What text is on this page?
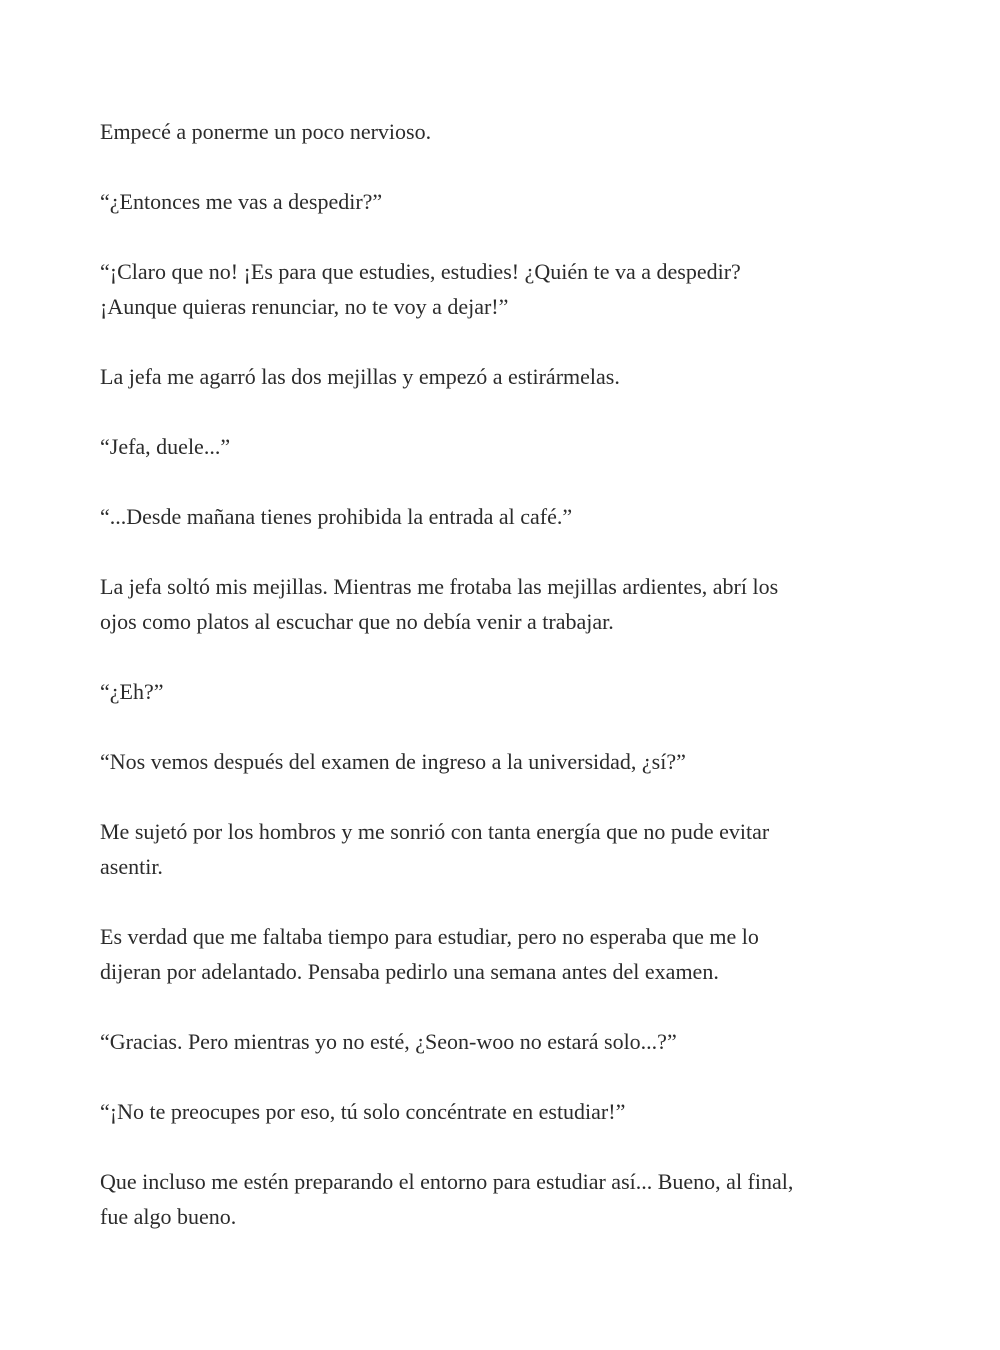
Empecé a ponerme un poco nervioso.

“¿Entonces me vas a despedir?”

“¡Claro que no! ¡Es para que estudies, estudies! ¿Quién te va a despedir?
¡Aunque quieras renunciar, no te voy a dejar!”

La jefa me agarró las dos mejillas y empezó a estirármelas.

“Jefa, duele...”

“...Desde mañana tienes prohibida la entrada al café.”

La jefa soltó mis mejillas. Mientras me frotaba las mejillas ardientes, abrí los
ojos como platos al escuchar que no debía venir a trabajar.

“¿Eh?”

“Nos vemos después del examen de ingreso a la universidad, ¿sí?”

Me sujetó por los hombros y me sonrió con tanta energía que no pude evitar
asentir.

Es verdad que me faltaba tiempo para estudiar, pero no esperaba que me lo
dijeran por adelantado. Pensaba pedirlo una semana antes del examen.

“Gracias. Pero mientras yo no esté, ¿Seon-woo no estará solo...?”

“¡No te preocupes por eso, tú solo concéntrate en estudiar!”

Que incluso me estén preparando el entorno para estudiar así... Bueno, al final,
fue algo bueno.
